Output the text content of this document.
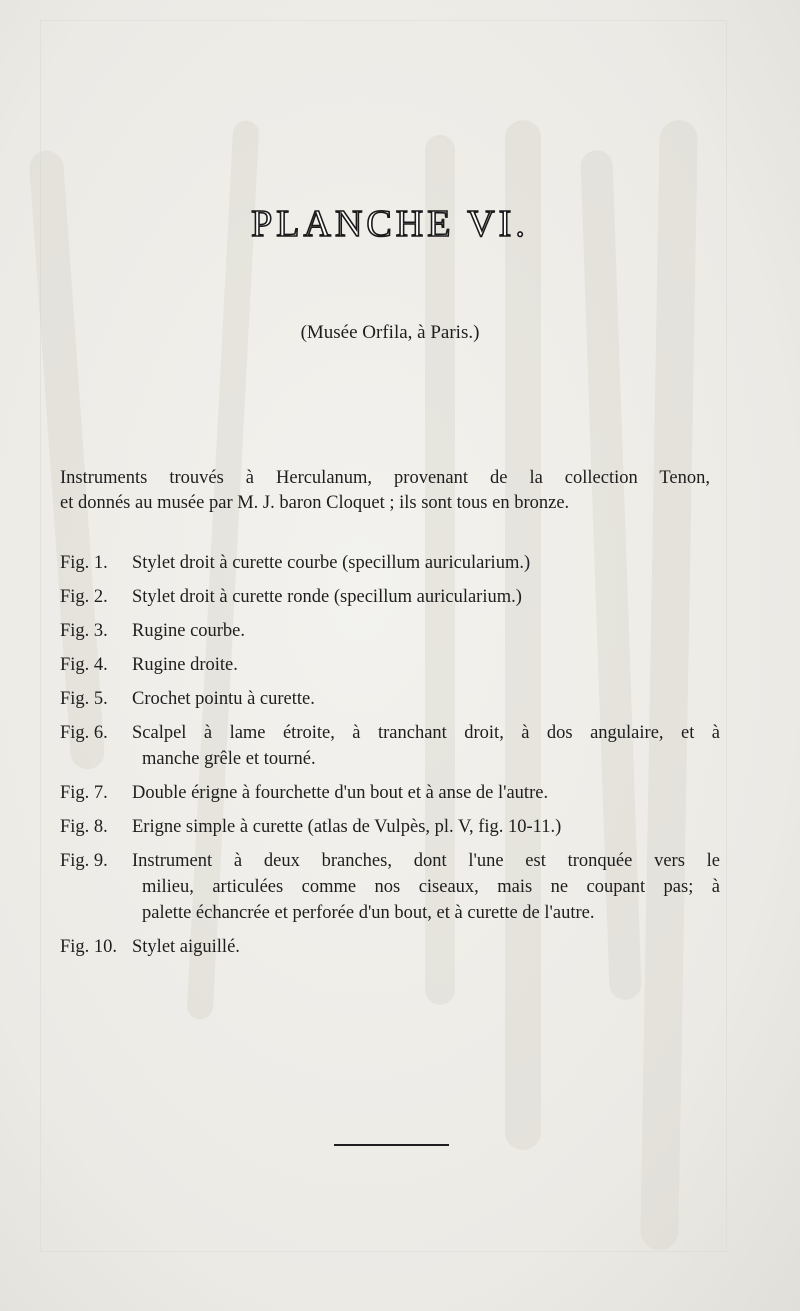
PLANCHE VI.
(Musée Orfila, à Paris.)
Instruments trouvés à Herculanum, provenant de la collection Tenon,
et donnés au musée par M. J. baron Cloquet ; ils sont tous en bronze.
Fig. 1.	Stylet droit à curette courbe (specillum auricularium.)
Fig. 2.	Stylet droit à curette ronde (specillum auricularium.)
Fig. 3.	Rugine courbe.
Fig. 4.	Rugine droite.
Fig. 5.	Crochet pointu à curette.
Fig. 6.	Scalpel à lame étroite, à tranchant droit, à dos angulaire, et à
manche grêle et tourné.
Fig. 7.	Double érigne à fourchette d'un bout et à anse de l'autre.
Fig. 8.	Erigne simple à curette (atlas de Vulpès, pl. V, fig. 10-11.)
Fig. 9.	Instrument à deux branches, dont l'une est tronquée vers le
milieu, articulées comme nos ciseaux, mais ne coupant pas; à
palette échancrée et perforée d'un bout, et à curette de l'autre.
Fig. 10. Stylet aiguillé.
